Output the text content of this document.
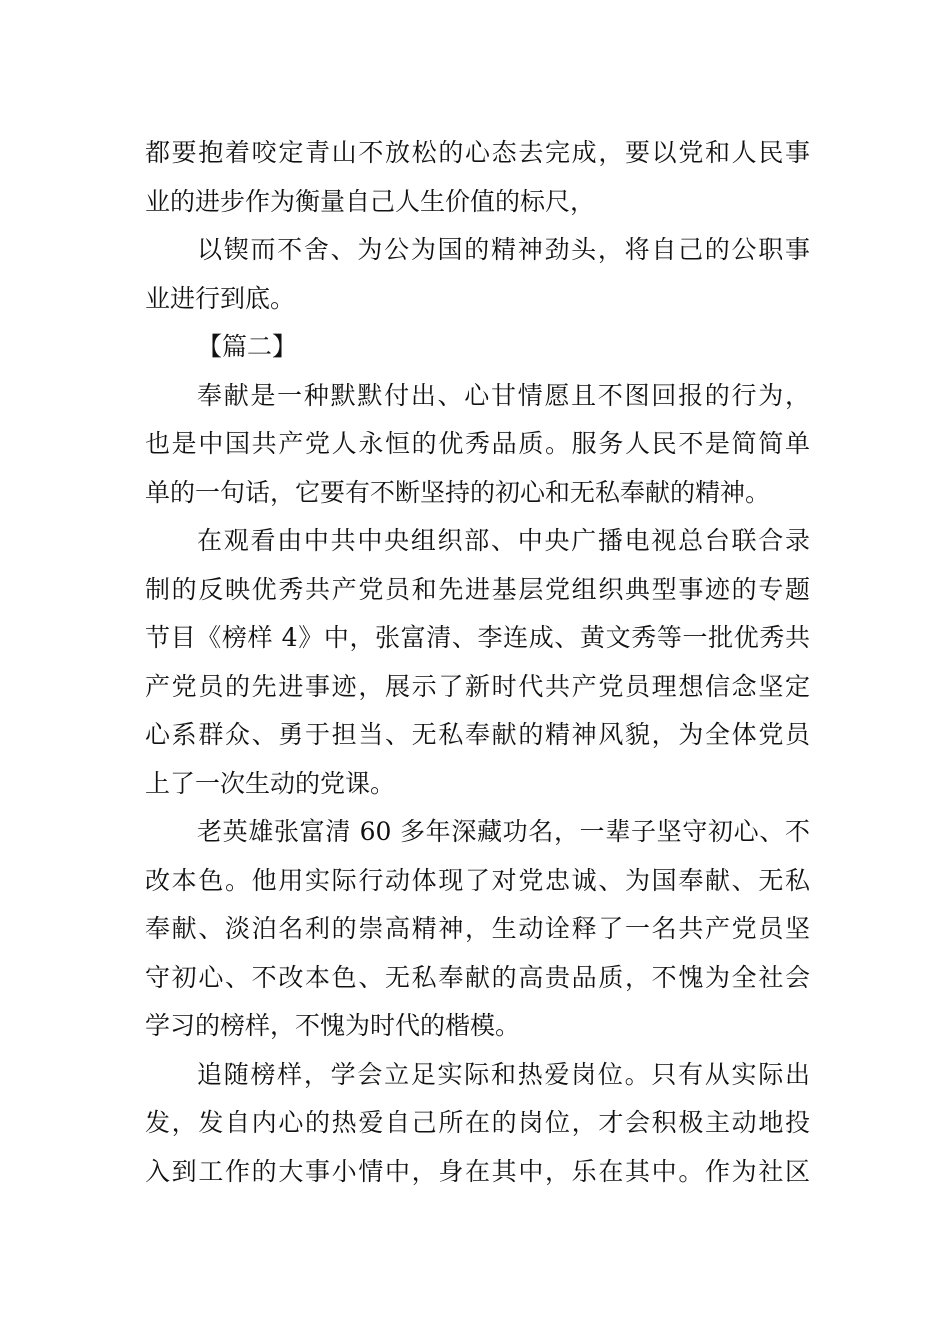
都要抱着咬定青山不放松的心态去完成，要以党和人民事
业的进步作为衡量自己人生价值的标尺，
以锲而不舍、为公为国的精神劲头，将自己的公职事
业进行到底。
【篇二】
奉献是一种默默付出、心甘情愿且不图回报的行为，
也是中国共产党人永恒的优秀品质。服务人民不是简简单
单的一句话，它要有不断坚持的初心和无私奉献的精神。
在观看由中共中央组织部、中央广播电视总台联合录
制的反映优秀共产党员和先进基层党组织典型事迹的专题
节目《榜样 4》中，张富清、李连成、黄文秀等一批优秀共
产党员的先进事迹，展示了新时代共产党员理想信念坚定
心系群众、勇于担当、无私奉献的精神风貌，为全体党员
上了一次生动的党课。
老英雄张富清 60 多年深藏功名，一辈子坚守初心、不
改本色。他用实际行动体现了对党忠诚、为国奉献、无私
奉献、淡泊名利的崇高精神，生动诠释了一名共产党员坚
守初心、不改本色、无私奉献的高贵品质，不愧为全社会
学习的榜样，不愧为时代的楷模。
追随榜样，学会立足实际和热爱岗位。只有从实际出
发，发自内心的热爱自己所在的岗位，才会积极主动地投
入到工作的大事小情中，身在其中，乐在其中。作为社区
